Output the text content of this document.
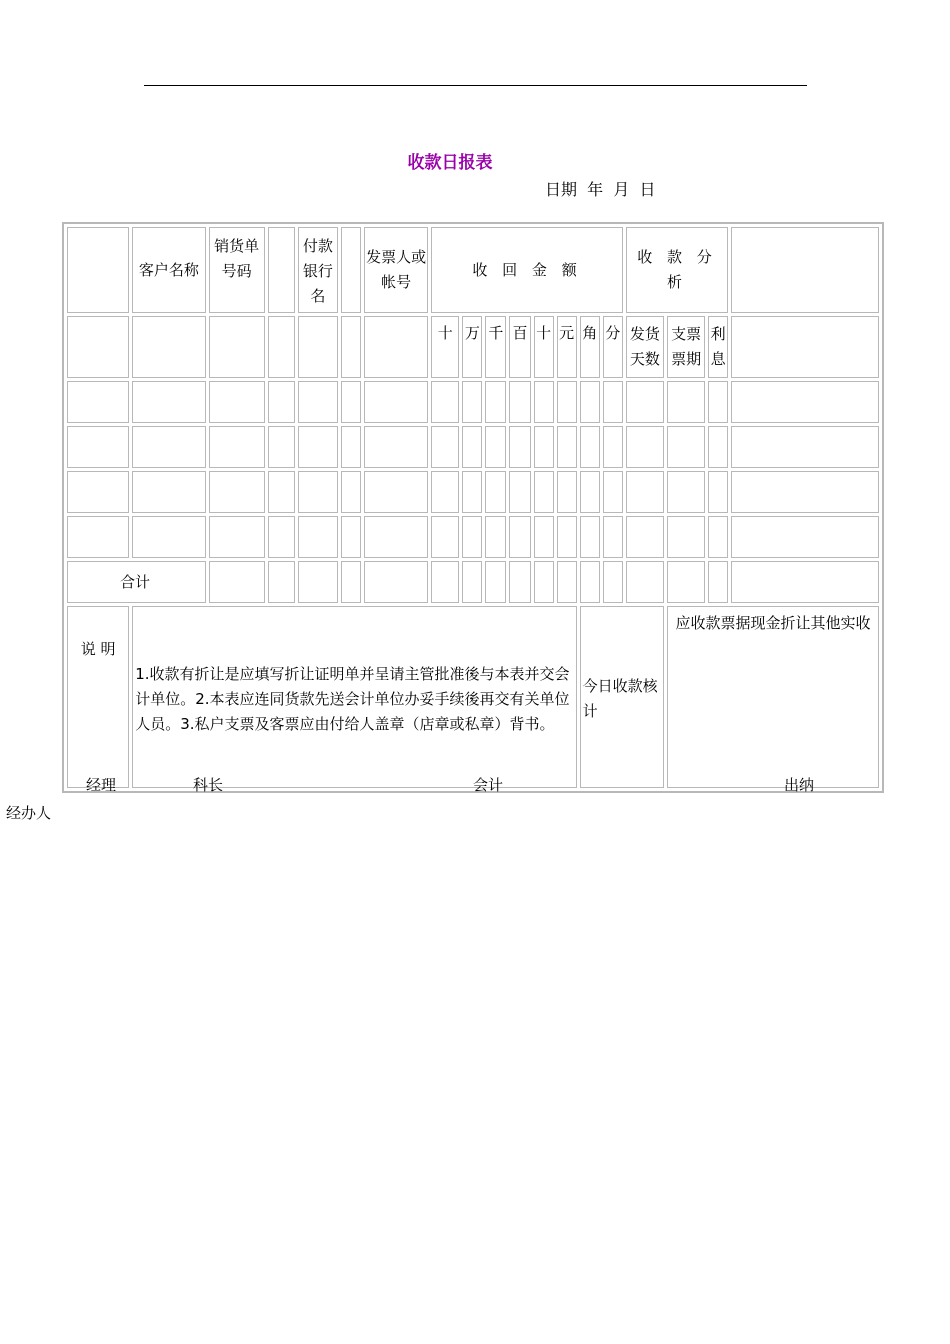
收款日报表
日期  年  月  日
	客户名称	销货单号码		付款银行名		发票人或帐号	收 回 金 额								收 款 分 析			
							十	万	千	百	十	元	角	分	发货天数	支票票期	利息	

合计																		
说 明	1.收款有折让是应填写折让证明单并呈请主管批准後与本表并交会计单位。2.本表应连同货款先送会计单位办妥手续後再交有关单位人员。3.私户支票及客票应由付给人盖章（店章或私章）背书。												今日收款核计			应收款票据现金折让其他实收		
经理	科长	会计	出纳
经办人
